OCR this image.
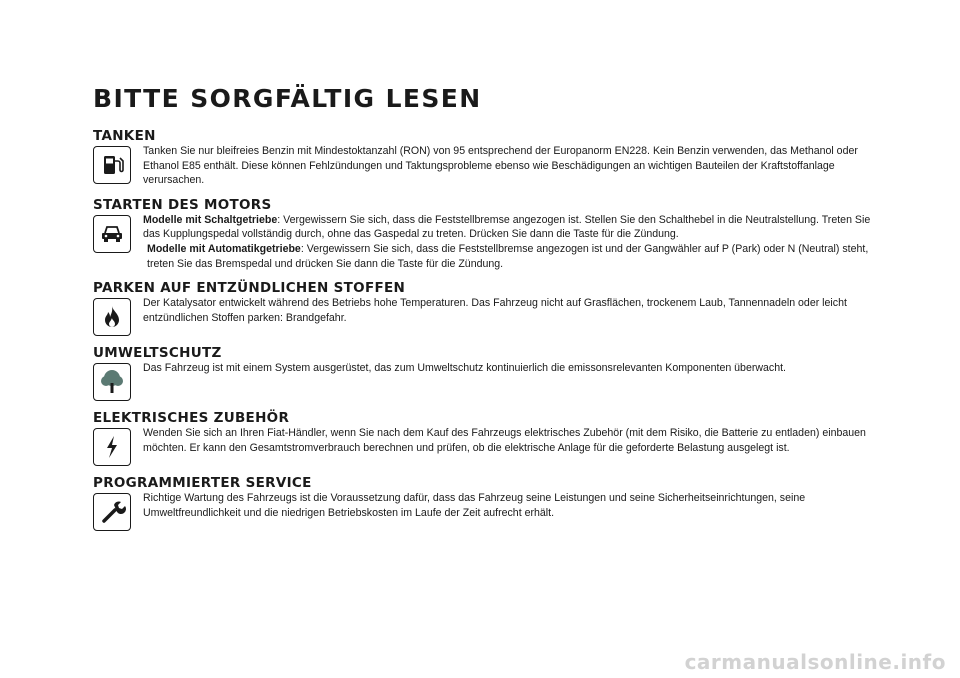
BITTE SORGFÄLTIG LESEN
TANKEN

Tanken Sie nur bleifreies Benzin mit Mindestoktanzahl (RON) von 95 entsprechend der Europanorm EN228. Kein Benzin verwenden, das Methanol oder Ethanol E85 enthält. Diese können Fehlzündungen und Taktungsprobleme ebenso wie Beschädigungen an wichtigen Bauteilen der Kraftstoffanlage verursachen.

STARTEN DES MOTORS

Modelle mit Schaltgetriebe: Vergewissern Sie sich, dass die Feststellbremse angezogen ist. Stellen Sie den Schalthebel in die Neutralstellung. Treten Sie das Kupplungspedal vollständig durch, ohne das Gaspedal zu treten. Drücken Sie dann die Taste für die Zündung.

Modelle mit Automatikgetriebe: Vergewissern Sie sich, dass die Feststellbremse angezogen ist und der Gangwähler auf P (Park) oder N (Neutral) steht, treten Sie das Bremspedal und drücken Sie dann die Taste für die Zündung.

PARKEN AUF ENTZÜNDLICHEN STOFFEN

Der Katalysator entwickelt während des Betriebs hohe Temperaturen. Das Fahrzeug nicht auf Grasflächen, trockenem Laub, Tannennadeln oder leicht entzündlichen Stoffen parken: Brandgefahr.

UMWELTSCHUTZ

Das Fahrzeug ist mit einem System ausgerüstet, das zum Umweltschutz kontinuierlich die emissonsrelevanten Komponenten überwacht.

ELEKTRISCHES ZUBEHÖR

Wenden Sie sich an Ihren Fiat-Händler, wenn Sie nach dem Kauf des Fahrzeugs elektrisches Zubehör (mit dem Risiko, die Batterie zu entladen) einbauen möchten. Er kann den Gesamtstromverbrauch berechnen und prüfen, ob die elektrische Anlage für die geforderte Belastung ausgelegt ist.

PROGRAMMIERTER SERVICE

Richtige Wartung des Fahrzeugs ist die Voraussetzung dafür, dass das Fahrzeug seine Leistungen und seine Sicherheitseinrichtungen, seine Umweltfreundlichkeit und die niedrigen Betriebskosten im Laufe der Zeit aufrecht erhält.

carmanualsonline.info
